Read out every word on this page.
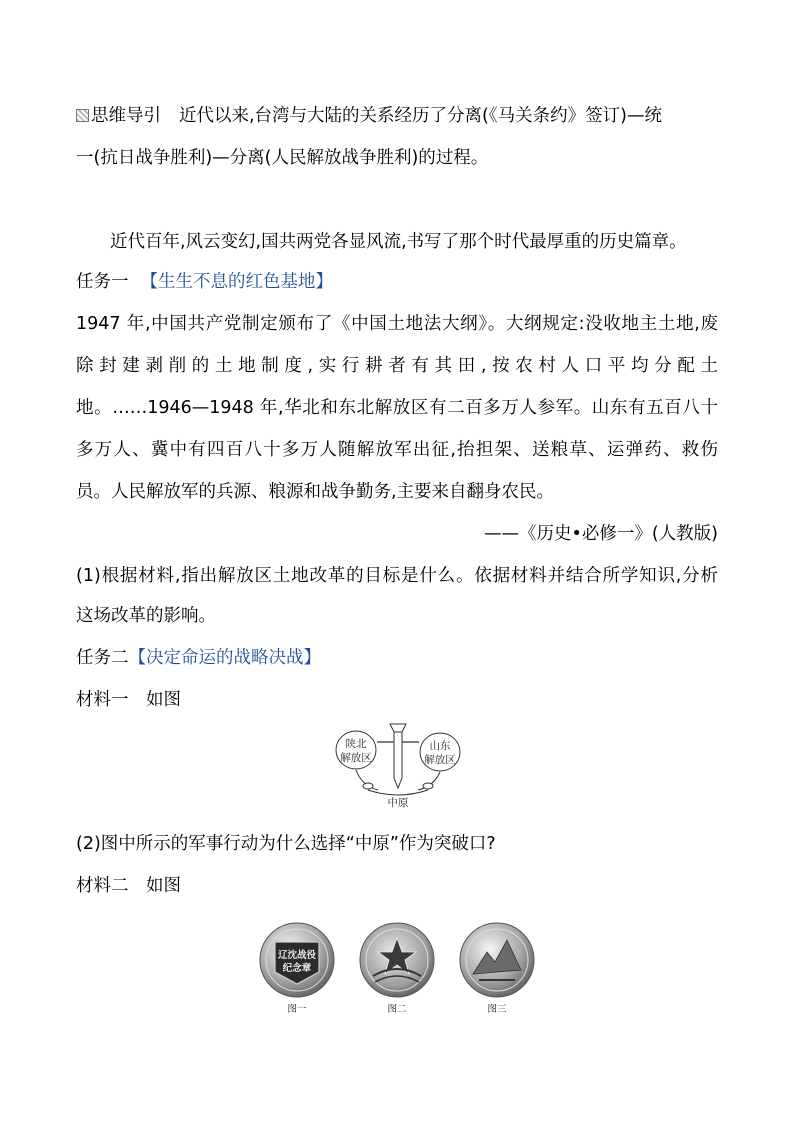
思维导引 近代以来,台湾与大陆的关系经历了分离(《马关条约》签订)—统
一(抗日战争胜利)—分离(人民解放战争胜利)的过程。
近代百年,风云变幻,国共两党各显风流,书写了那个时代最厚重的历史篇章。
任务一 【生生不息的红色基地】
1947 年,中国共产党制定颁布了《中国土地法大纲》。大纲规定:没收地主土地,废
除封建剥削的土地制度,实行耕者有其田,按农村人口平均分配土
地。……1946—1948 年,华北和东北解放区有二百多万人参军。山东有五百八十
多万人、冀中有四百八十多万人随解放军出征,抬担架、送粮草、运弹药、救伤
员。人民解放军的兵源、粮源和战争勤务,主要来自翻身农民。
——《历史•必修一》(人教版)
(1)根据材料,指出解放区土地改革的目标是什么。依据材料并结合所学知识,分析
这场改革的影响。
任务二【决定命运的战略决战】
材料一　如图
陕北
解放区
山东
解放区
中原
(2)图中所示的军事行动为什么选择“中原”作为突破口?
材料二　如图
辽沈战役
纪念章
图一	图二	图三
